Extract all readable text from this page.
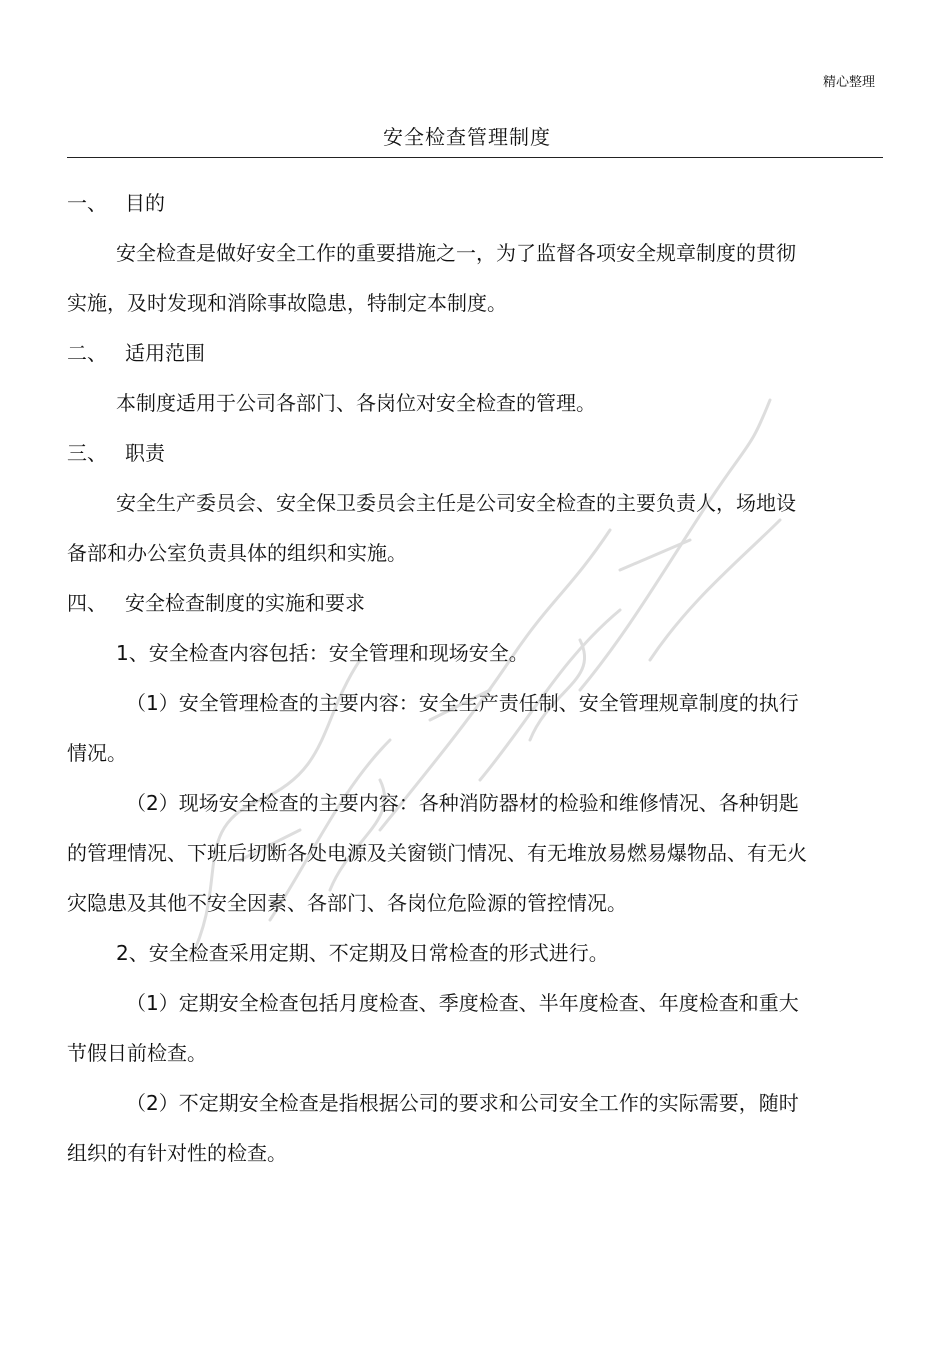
精心整理
安全检查管理制度
一、 目的

安全检查是做好安全工作的重要措施之一，为了监督各项安全规章制度的贯彻实施，及时发现和消除事故隐患，特制定本制度。

二、 适用范围

本制度适用于公司各部门、各岗位对安全检查的管理。

三、 职责

安全生产委员会、安全保卫委员会主任是公司安全检查的主要负责人，场地设备部和办公室负责具体的组织和实施。

四、 安全检查制度的实施和要求

1、安全检查内容包括：安全管理和现场安全。

（1）安全管理检查的主要内容：安全生产责任制、安全管理规章制度的执行情况。

（2）现场安全检查的主要内容：各种消防器材的检验和维修情况、各种钥匙的管理情况、下班后切断各处电源及关窗锁门情况、有无堆放易燃易爆物品、有无火灾隐患及其他不安全因素、各部门、各岗位危险源的管控情况。

2、安全检查采用定期、不定期及日常检查的形式进行。

（1）定期安全检查包括月度检查、季度检查、半年度检查、年度检查和重大节假日前检查。

（2）不定期安全检查是指根据公司的要求和公司安全工作的实际需要，随时组织的有针对性的检查。
